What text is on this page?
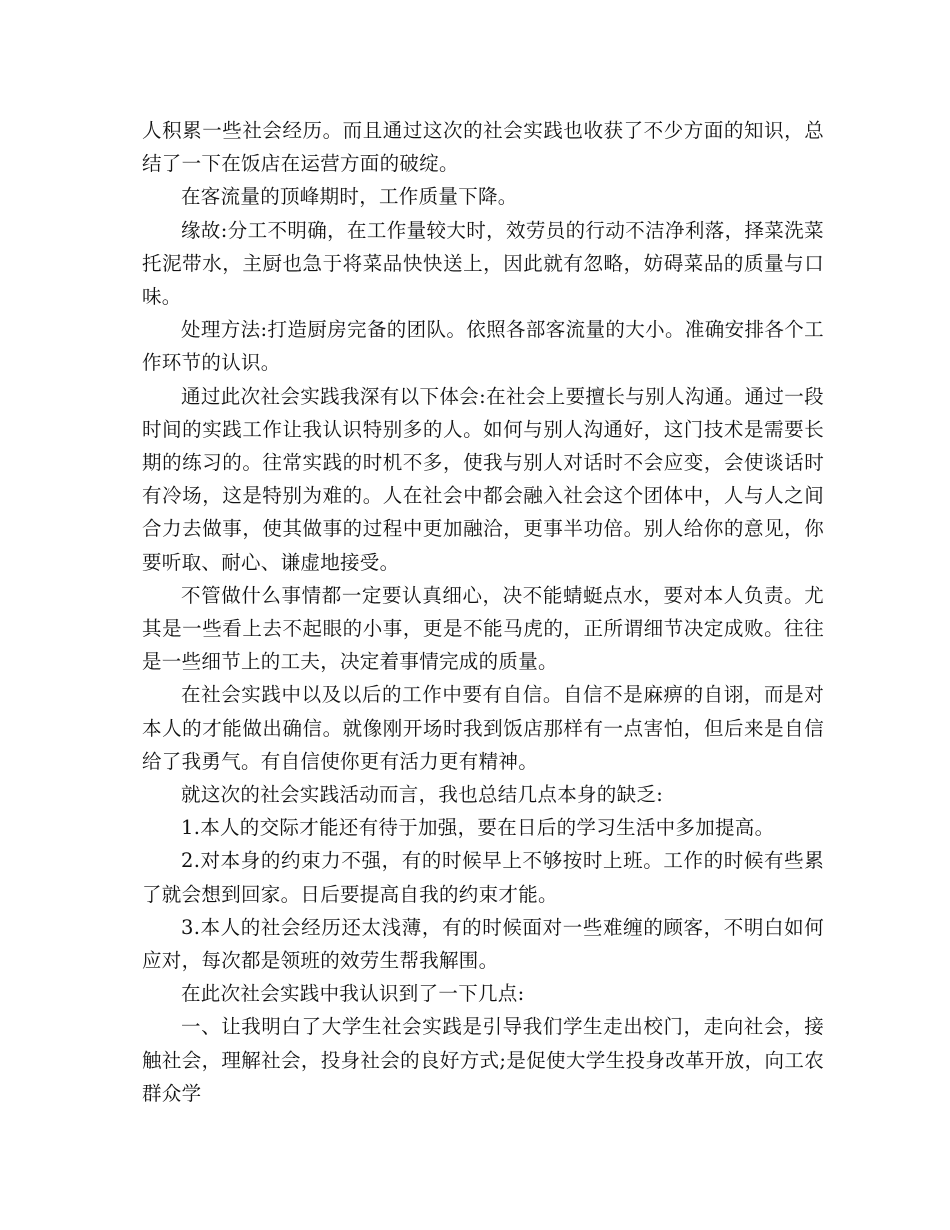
人积累一些社会经历。而且通过这次的社会实践也收获了不少方面的知识，总结了一下在饭店在运营方面的破绽。

在客流量的顶峰期时，工作质量下降。

缘故:分工不明确，在工作量较大时，效劳员的行动不洁净利落，择菜洗菜托泥带水，主厨也急于将菜品快快送上，因此就有忽略，妨碍菜品的质量与口味。

处理方法:打造厨房完备的团队。依照各部客流量的大小。准确安排各个工作环节的认识。

通过此次社会实践我深有以下体会:在社会上要擅长与别人沟通。通过一段时间的实践工作让我认识特别多的人。如何与别人沟通好，这门技术是需要长期的练习的。往常实践的时机不多，使我与别人对话时不会应变，会使谈话时有冷场，这是特别为难的。人在社会中都会融入社会这个团体中，人与人之间合力去做事，使其做事的过程中更加融洽，更事半功倍。别人给你的意见，你要听取、耐心、谦虚地接受。

不管做什么事情都一定要认真细心，决不能蜻蜓点水，要对本人负责。尤其是一些看上去不起眼的小事，更是不能马虎的，正所谓细节决定成败。往往是一些细节上的工夫，决定着事情完成的质量。

在社会实践中以及以后的工作中要有自信。自信不是麻痹的自诩，而是对本人的才能做出确信。就像刚开场时我到饭店那样有一点害怕，但后来是自信给了我勇气。有自信使你更有活力更有精神。

就这次的社会实践活动而言，我也总结几点本身的缺乏:

1.本人的交际才能还有待于加强，要在日后的学习生活中多加提高。

2.对本身的约束力不强，有的时候早上不够按时上班。工作的时候有些累了就会想到回家。日后要提高自我的约束才能。

3.本人的社会经历还太浅薄，有的时候面对一些难缠的顾客，不明白如何应对，每次都是领班的效劳生帮我解围。

在此次社会实践中我认识到了一下几点:

一、让我明白了大学生社会实践是引导我们学生走出校门，走向社会，接触社会，理解社会，投身社会的良好方式;是促使大学生投身改革开放，向工农群众学
